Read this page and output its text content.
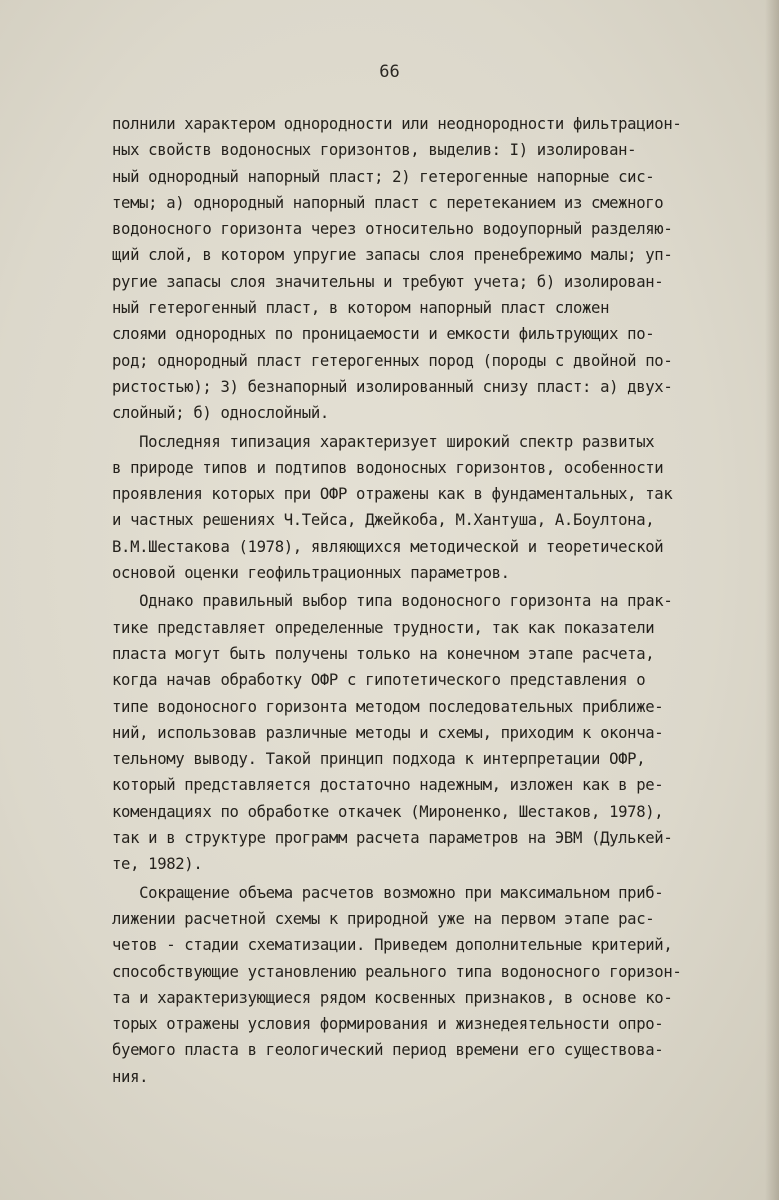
66
полнили характером однородности или неоднородности фильтрацион-
ных свойств водоносных горизонтов, выделив: I) изолирован-
ный однородный напорный пласт; 2) гетерогенные напорные сис-
темы; а) однородный напорный пласт с перетеканием из смежного
водоносного горизонта через относительно водоупорный разделяю-
щий слой, в котором упругие запасы слоя пренебрежимо малы; уп-
ругие запасы слоя значительны и требуют учета; б) изолирован-
ный гетерогенный пласт, в котором напорный пласт сложен
слоями однородных по проницаемости и емкости фильтрующих по-
род; однородный пласт гетерогенных пород (породы с двойной по-
ристостью); 3) безнапорный изолированный снизу пласт: а) двух-
слойный; б) однослойный.
Последняя типизация характеризует широкий спектр развитых
в природе типов и подтипов водоносных горизонтов, особенности
проявления которых при ОФР отражены как в фундаментальных, так
и частных решениях Ч.Тейса, Джейкоба, М.Хантуша, А.Боултона,
В.М.Шестакова (1978), являющихся методической и теоретической
основой оценки геофильтрационных параметров.
Однако правильный выбор типа водоносного горизонта на прак-
тике представляет определенные трудности, так как показатели
пласта могут быть получены только на конечном этапе расчета,
когда начав обработку ОФР с гипотетического представления о
типе водоносного горизонта методом последовательных приближе-
ний, использовав различные методы и схемы, приходим к оконча-
тельному выводу. Такой принцип подхода к интерпретации ОФР,
который представляется достаточно надежным, изложен как в ре-
комендациях по обработке откачек (Мироненко, Шестаков, 1978),
так и в структуре программ расчета параметров на ЭВМ (Дулькей-
те, 1982).
Сокращение объема расчетов возможно при максимальном приб-
лижении расчетной схемы к природной уже на первом этапе рас-
четов - стадии схематизации. Приведем дополнительные критерий,
способствующие установлению реального типа водоносного горизон-
та и характеризующиеся рядом косвенных признаков, в основе ко-
торых отражены условия формирования и жизнедеятельности опро-
буемого пласта в геологический период времени его существова-
ния.
